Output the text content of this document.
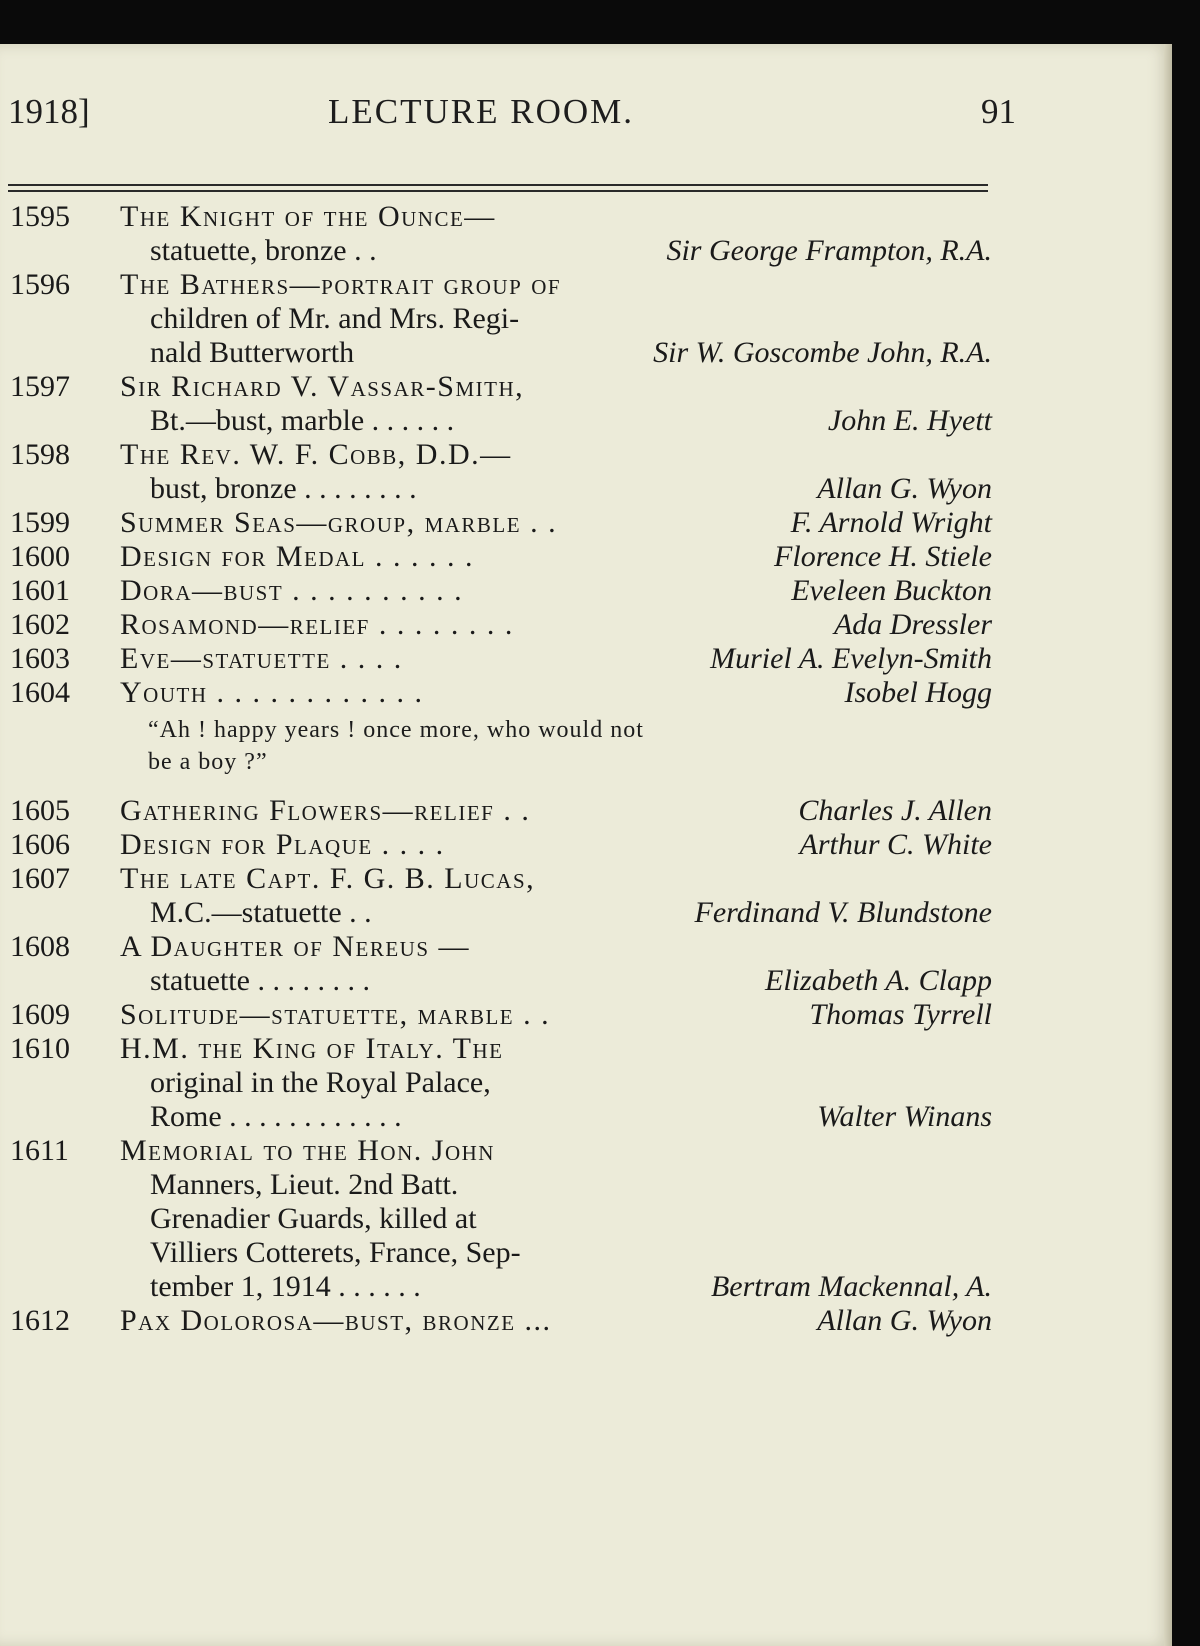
1918]	LECTURE ROOM.	91
1595	The Knight of the Ounce—
statuette, bronze . .	Sir George Frampton, R.A.
1596	The Bathers—portrait group of
children of Mr. and Mrs. Regi-
nald Butterworth	Sir W. Goscombe John, R.A.
1597	Sir Richard V. Vassar-Smith,
Bt.—bust, marble . . . . . .	John E. Hyett
1598	The Rev. W. F. Cobb, D.D.—
bust, bronze . . . . . . . .	Allan G. Wyon
1599	Summer Seas—group, marble . .	F. Arnold Wright
1600	Design for Medal . . . . . .	Florence H. Stiele
1601	Dora—bust . . . . . . . . . .	Eveleen Buckton
1602	Rosamond—relief . . . . . . . .	Ada Dressler
1603	Eve—statuette . . . .	Muriel A. Evelyn-Smith
1604	Youth . . . . . . . . . . . .	Isobel Hogg
“Ah ! happy years ! once more, who would not
be a boy ?”
1605	Gathering Flowers—relief . .	Charles J. Allen
1606	Design for Plaque . . . .	Arthur C. White
1607	The late Capt. F. G. B. Lucas,
M.C.—statuette . .	Ferdinand V. Blundstone
1608	A Daughter of Nereus —
statuette . . . . . . . .	Elizabeth A. Clapp
1609	Solitude—statuette, marble . .	Thomas Tyrrell
1610	H.M. the King of Italy. The
original in the Royal Palace,
Rome . . . . . . . . . . . .	Walter Winans
1611	Memorial to the Hon. John
Manners, Lieut. 2nd Batt.
Grenadier Guards, killed at
Villiers Cotterets, France, Sep-
tember 1, 1914 . . . . . .	Bertram Mackennal, A.
1612	Pax Dolorosa—bust, bronze ...	Allan G. Wyon
